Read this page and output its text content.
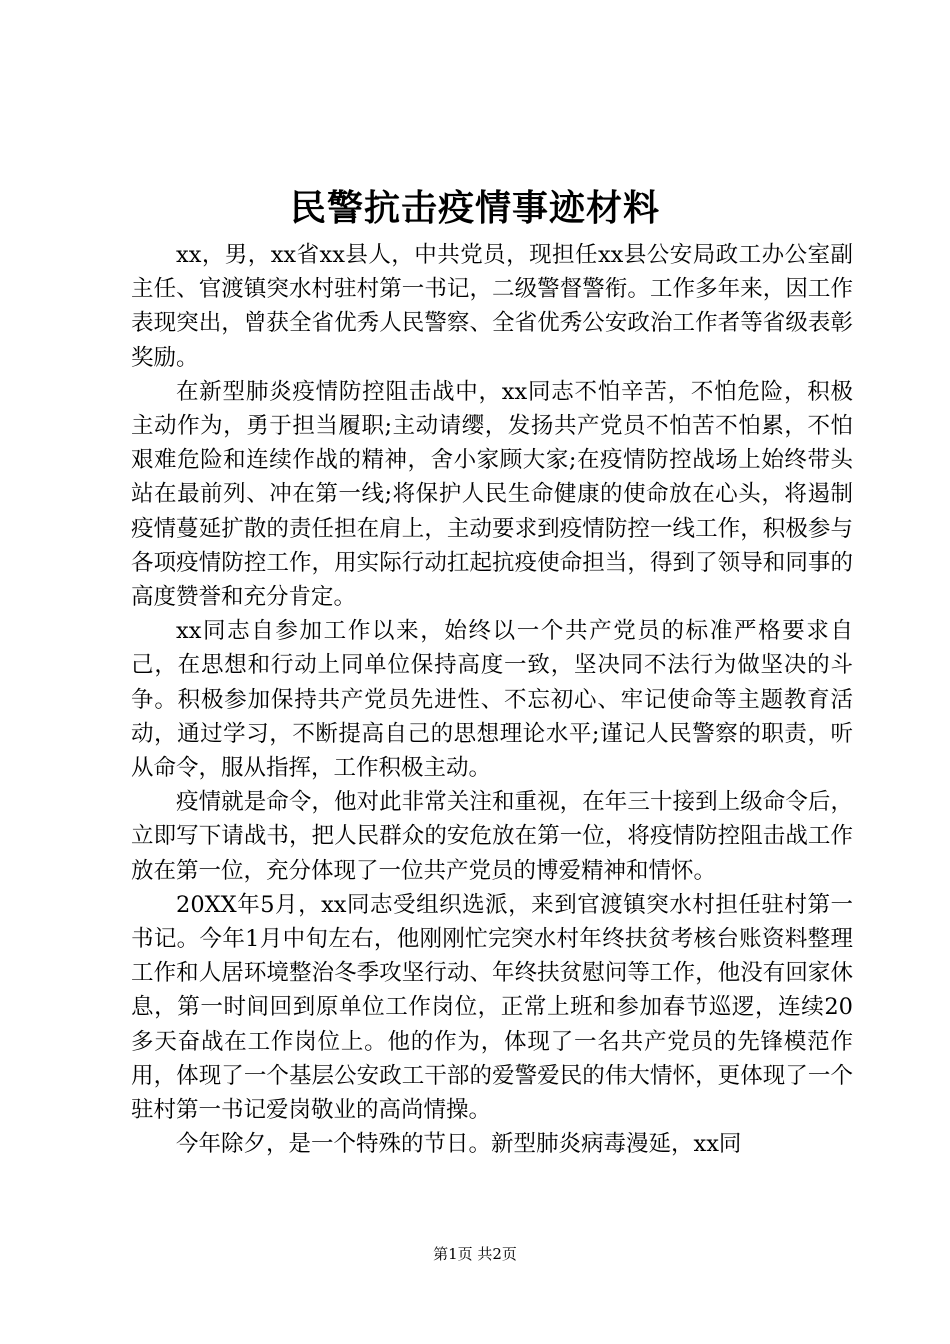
民警抗击疫情事迹材料

xx，男，xx省xx县人，中共党员，现担任xx县公安局政工办公室副主任、官渡镇突水村驻村第一书记，二级警督警衔。工作多年来，因工作表现突出，曾获全省优秀人民警察、全省优秀公安政治工作者等省级表彰奖励。

在新型肺炎疫情防控阻击战中，xx同志不怕辛苦，不怕危险，积极主动作为，勇于担当履职;主动请缨，发扬共产党员不怕苦不怕累，不怕艰难危险和连续作战的精神，舍小家顾大家;在疫情防控战场上始终带头站在最前列、冲在第一线;将保护人民生命健康的使命放在心头，将遏制疫情蔓延扩散的责任担在肩上，主动要求到疫情防控一线工作，积极参与各项疫情防控工作，用实际行动扛起抗疫使命担当，得到了领导和同事的高度赞誉和充分肯定。

xx同志自参加工作以来，始终以一个共产党员的标准严格要求自己，在思想和行动上同单位保持高度一致，坚决同不法行为做坚决的斗争。积极参加保持共产党员先进性、不忘初心、牢记使命等主题教育活动，通过学习，不断提高自己的思想理论水平;谨记人民警察的职责，听从命令，服从指挥，工作积极主动。

疫情就是命令，他对此非常关注和重视，在年三十接到上级命令后，立即写下请战书，把人民群众的安危放在第一位，将疫情防控阻击战工作放在第一位，充分体现了一位共产党员的博爱精神和情怀。

20XX年5月，xx同志受组织选派，来到官渡镇突水村担任驻村第一书记。今年1月中旬左右，他刚刚忙完突水村年终扶贫考核台账资料整理工作和人居环境整治冬季攻坚行动、年终扶贫慰问等工作，他没有回家休息，第一时间回到原单位工作岗位，正常上班和参加春节巡逻，连续20多天奋战在工作岗位上。他的作为，体现了一名共产党员的先锋模范作用，体现了一个基层公安政工干部的爱警爱民的伟大情怀，更体现了一个驻村第一书记爱岗敬业的高尚情操。

今年除夕，是一个特殊的节日。新型肺炎病毒漫延，xx同

第1页 共2页
